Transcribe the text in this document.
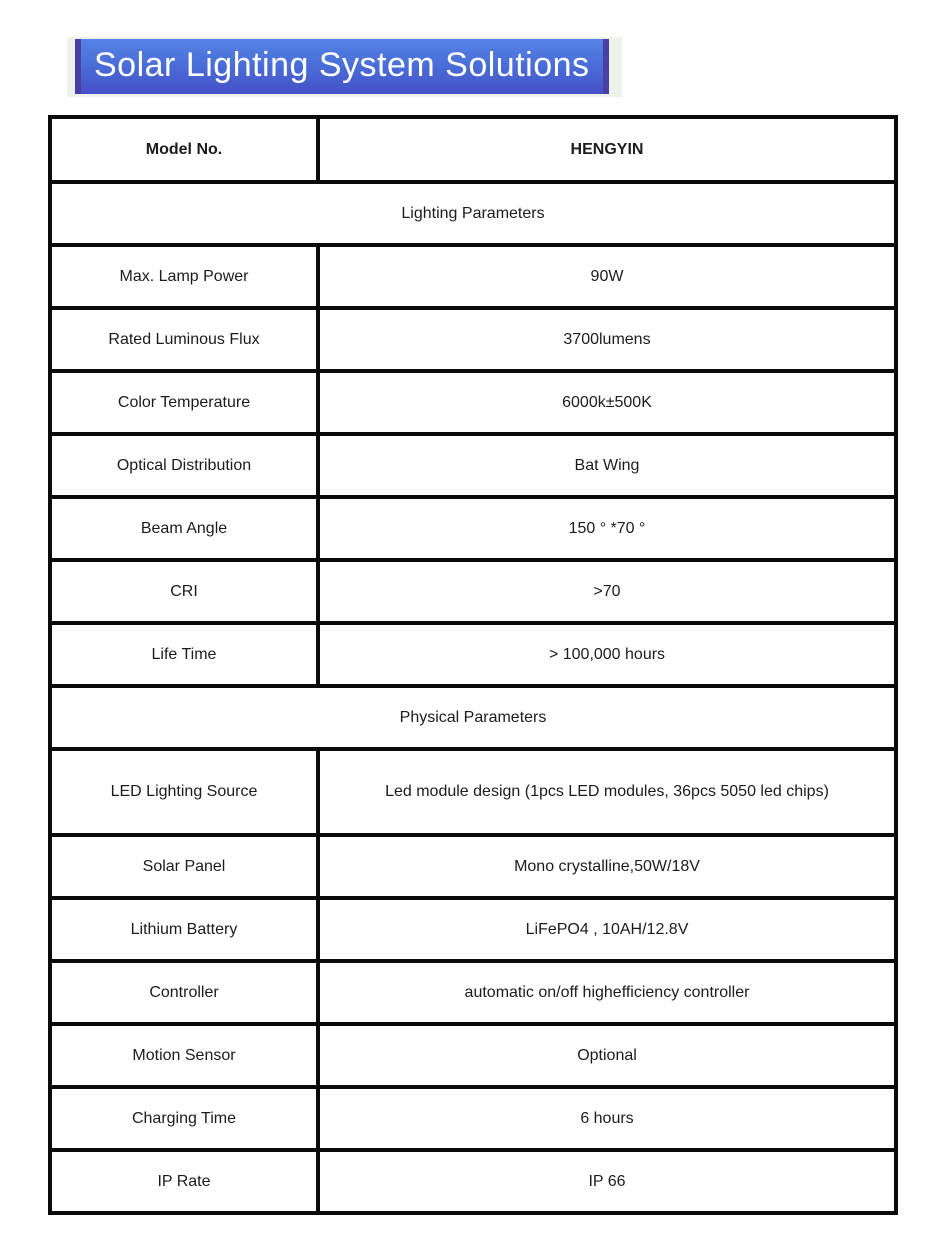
Solar Lighting System Solutions
Model No.	HENGYIN
Lighting Parameters	
Max. Lamp Power	90W
Rated Luminous Flux	3700lumens
Color Temperature	6000k±500K
Optical Distribution	Bat Wing
Beam Angle	150 ° *70 °
CRI	>70
Life Time	> 100,000 hours
Physical Parameters	
LED Lighting Source	Led module design (1pcs LED modules, 36pcs 5050 led chips)
Solar Panel	Mono crystalline,50W/18V
Lithium Battery	LiFePO4 , 10AH/12.8V
Controller	automatic on/off highefficiency controller
Motion Sensor	Optional
Charging Time	6 hours
IP Rate	IP 66
